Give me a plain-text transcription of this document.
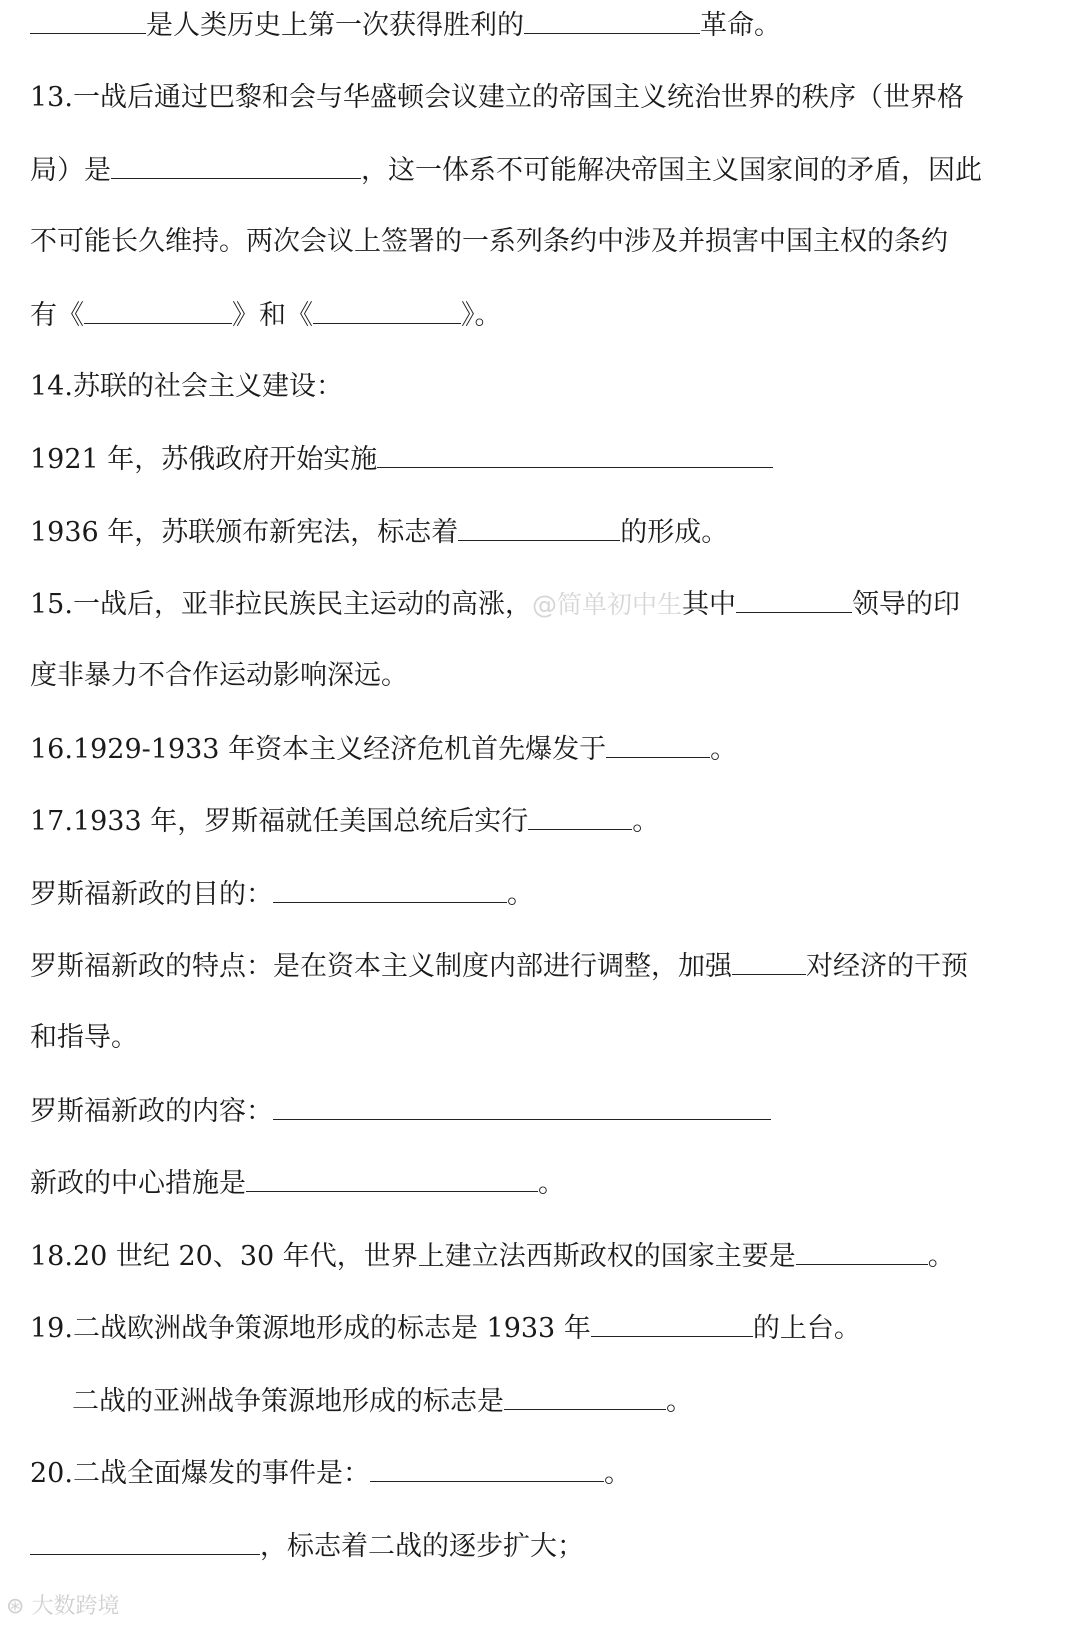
是人类历史上第一次获得胜利的	革命。
13.一战后通过巴黎和会与华盛顿会议建立的帝国主义统治世界的秩序（世界格
局）是	，这一体系不可能解决帝国主义国家间的矛盾，因此
不可能长久维持。两次会议上签署的一系列条约中涉及并损害中国主权的条约
有《	》和《	》。
14.苏联的社会主义建设：
1921 年，苏俄政府开始实施
1936 年，苏联颁布新宪法，标志着	的形成。
15.一战后，亚非拉民族民主运动的高涨，@简单初中生其中	领导的印
度非暴力不合作运动影响深远。
16.1929-1933 年资本主义经济危机首先爆发于	。
17.1933 年，罗斯福就任美国总统后实行	。
罗斯福新政的目的：	。
罗斯福新政的特点：是在资本主义制度内部进行调整，加强	对经济的干预
和指导。
罗斯福新政的内容：
新政的中心措施是	。
18.20 世纪 20、30 年代，世界上建立法西斯政权的国家主要是	。
19.二战欧洲战争策源地形成的标志是 1933 年	的上台。
二战的亚洲战争策源地形成的标志是	。
20.二战全面爆发的事件是：	。
，标志着二战的逐步扩大；
⊛ 大数跨境
